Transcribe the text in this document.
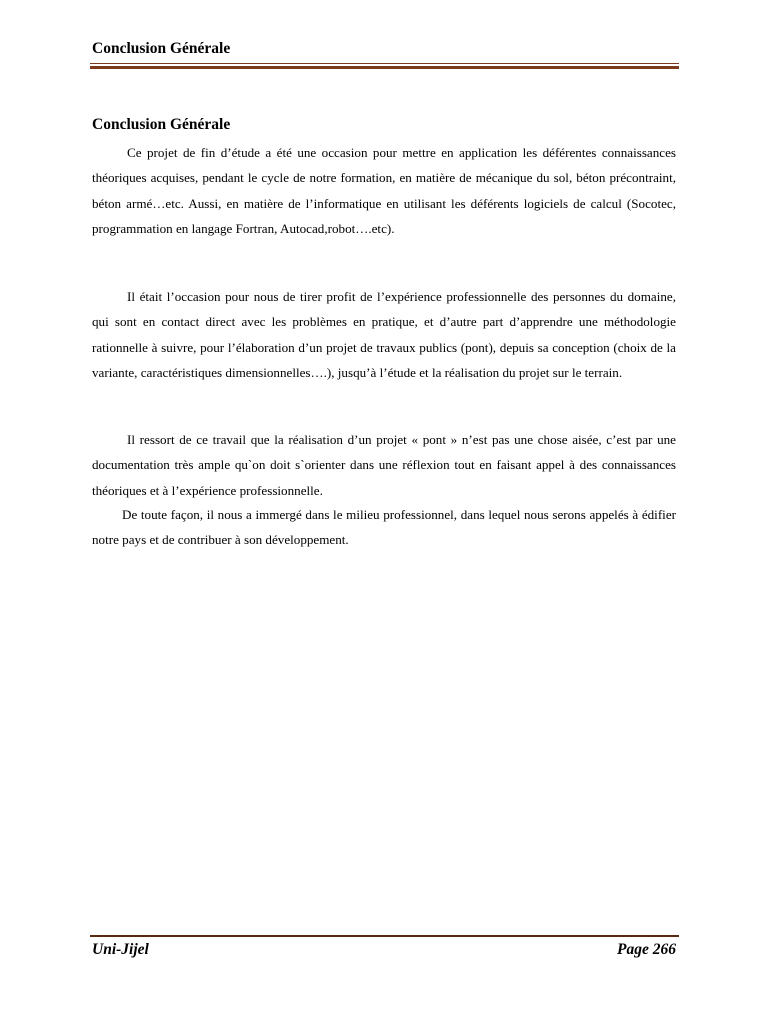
Conclusion Générale
Conclusion Générale

Ce projet de fin d’étude a été une occasion pour mettre en application les déférentes connaissances théoriques acquises, pendant le cycle de notre formation, en matière de mécanique du sol, béton précontraint, béton armé…etc. Aussi, en matière de l’informatique en utilisant les déférents logiciels de calcul (Socotec, programmation en langage Fortran, Autocad,robot….etc).

Il était l’occasion pour nous de tirer profit de l’expérience professionnelle des personnes du domaine, qui sont en contact direct avec les problèmes en pratique, et d’autre part d’apprendre une méthodologie rationnelle à suivre, pour l’élaboration d’un projet de travaux publics (pont), depuis sa conception (choix de la variante, caractéristiques dimensionnelles….), jusqu’à l’étude et la réalisation du projet sur le terrain.

Il ressort de ce travail que la réalisation d’un projet « pont » n’est pas une chose aisée, c’est par une documentation très ample qu`on doit s`orienter dans une réflexion tout en faisant appel à des connaissances théoriques et à l’expérience professionnelle.

De toute façon, il nous a immergé dans le milieu professionnel, dans lequel nous serons appelés à édifier notre pays et de contribuer à son développement.

Uni-Jijel	Page 266
